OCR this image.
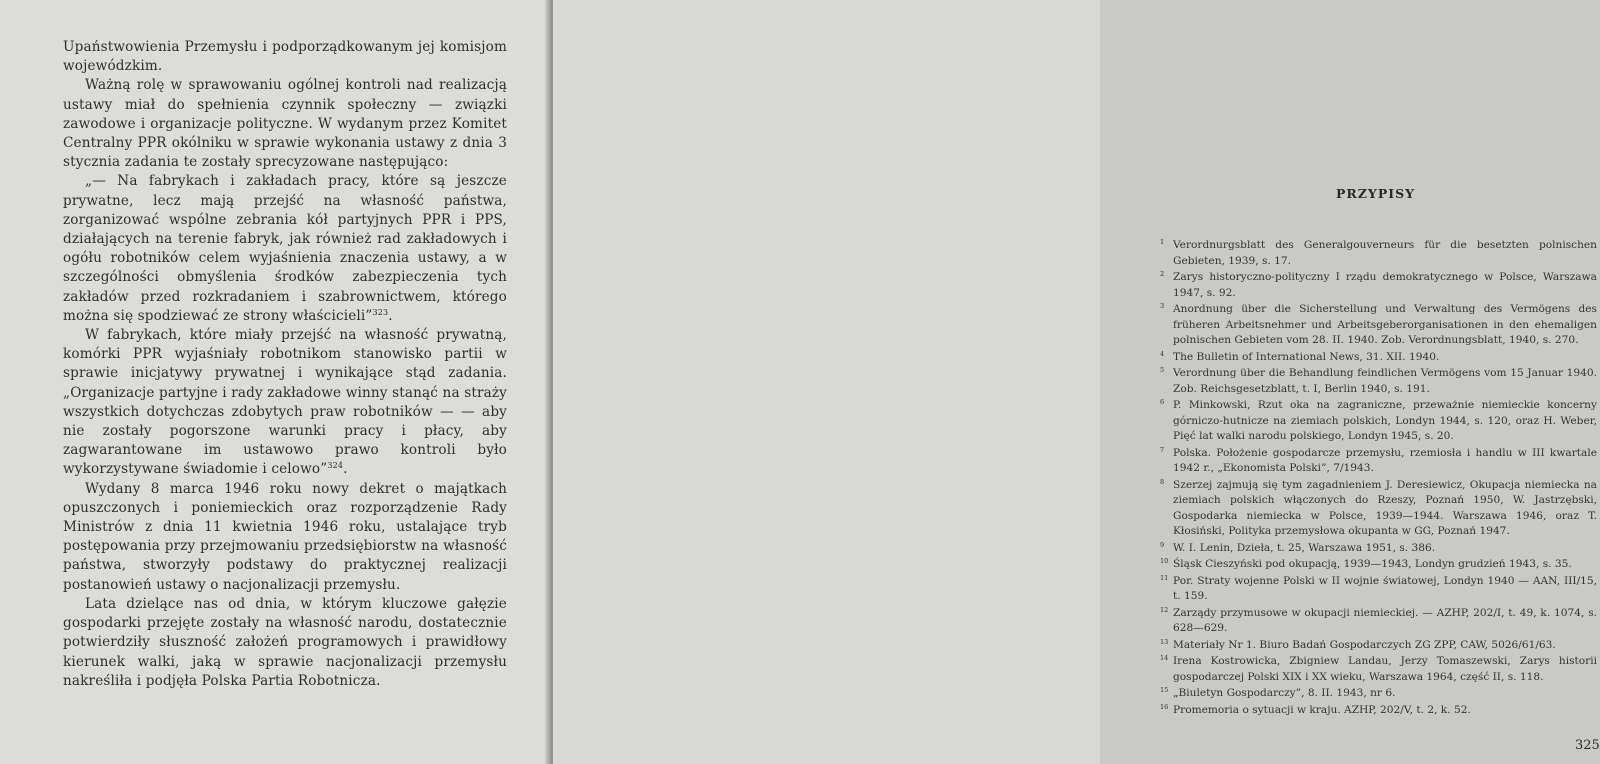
Upaństwowienia Przemysłu i podporządkowanym jej komisjom wojewódzkim.

Ważną rolę w sprawowaniu ogólnej kontroli nad realizacją ustawy miał do spełnienia czynnik społeczny — związki zawodowe i organizacje polityczne. W wydanym przez Komitet Centralny PPR okólniku w sprawie wykonania ustawy z dnia 3 stycznia zadania te zostały sprecyzowane następująco:

„— Na fabrykach i zakładach pracy, które są jeszcze prywatne, lecz mają przejść na własność państwa, zorganizować wspólne zebrania kół partyjnych PPR i PPS, działających na terenie fabryk, jak również rad zakładowych i ogółu robotników celem wyjaśnienia znaczenia ustawy, a w szczególności obmyślenia środków zabezpieczenia tych zakładów przed rozkradaniem i szabrownictwem, którego można się spodziewać ze strony właścicieli”$^{323}$.

W fabrykach, które miały przejść na własność prywatną, komórki PPR wyjaśniały robotnikom stanowisko partii w sprawie inicjatywy prywatnej i wynikające stąd zadania. „Organizacje partyjne i rady zakładowe winny stanąć na straży wszystkich dotychczas zdobytych praw robotników — — aby nie zostały pogorszone warunki pracy i płacy, aby zagwarantowane im ustawowo prawo kontroli było wykorzystywane świadomie i celowo”$^{324}$.

Wydany 8 marca 1946 roku nowy dekret o majątkach opuszczonych i poniemieckich oraz rozporządzenie Rady Ministrów z dnia 11 kwietnia 1946 roku, ustalające tryb postępowania przy przejmowaniu przedsiębiorstw na własność państwa, stworzyły podstawy do praktycznej realizacji postanowień ustawy o nacjonalizacji przemysłu.

Lata dzielące nas od dnia, w którym kluczowe gałęzie gospodarki przejęte zostały na własność narodu, dostatecznie potwierdziły słuszność założeń programowych i prawidłowy kierunek walki, jaką w sprawie nacjonalizacji przemysłu nakreśliła i podjęła Polska Partia Robotnicza.

PRZYPISY
1 Verordnurgsblatt des Generalgouverneurs für die besetzten polnischen Gebieten, 1939, s. 17.
2 Zarys historyczno-polityczny I rządu demokratycznego w Polsce, Warszawa 1947, s. 92.
3 Anordnung über die Sicherstellung und Verwaltung des Vermögens des früheren Arbeitsnehmer und Arbeitsgeberorganisationen in den ehemaligen polnischen Gebieten vom 28. II. 1940. Zob. Verordnungsblatt, 1940, s. 270.
4 The Bulletin of International News, 31. XII. 1940.
5 Verordnung über die Behandlung feindlichen Vermögens vom 15 Januar 1940. Zob. Reichsgesetzblatt, t. I, Berlin 1940, s. 191.
6 P. Minkowski, Rzut oka na zagraniczne, przeważnie niemieckie koncerny górniczo-hutnicze na ziemiach polskich, Londyn 1944, s. 120, oraz H. Weber, Pięć lat walki narodu polskiego, Londyn 1945, s. 20.
7 Polska. Położenie gospodarcze przemysłu, rzemiosła i handlu w III kwartale 1942 r., „Ekonomista Polski”, 7/1943.
8 Szerzej zajmują się tym zagadnieniem J. Deresiewicz, Okupacja niemiecka na ziemiach polskich włączonych do Rzeszy, Poznań 1950, W. Jastrzębski, Gospodarka niemiecka w Polsce, 1939—1944. Warszawa 1946, oraz T. Kłosiński, Polityka przemysłowa okupanta w GG, Poznań 1947.
9 W. I. Lenin, Dzieła, t. 25, Warszawa 1951, s. 386.
10 Śląsk Cieszyński pod okupacją, 1939—1943, Londyn grudzień 1943, s. 35.
11 Por. Straty wojenne Polski w II wojnie światowej, Londyn 1940 — AAN, III/15, t. 159.
12 Zarządy przymusowe w okupacji niemieckiej. — AZHP, 202/I, t. 49, k. 1074, s. 628—629.
13 Materiały Nr 1. Biuro Badań Gospodarczych ZG ZPP, CAW, 5026/61/63.
14 Irena Kostrowicka, Zbigniew Landau, Jerzy Tomaszewski, Zarys historii gospodarczej Polski XIX i XX wieku, Warszawa 1964, część II, s. 118.
15 „Biuletyn Gospodarczy”, 8. II. 1943, nr 6.
16 Promemoria o sytuacji w kraju. AZHP, 202/V, t. 2, k. 52.
325
